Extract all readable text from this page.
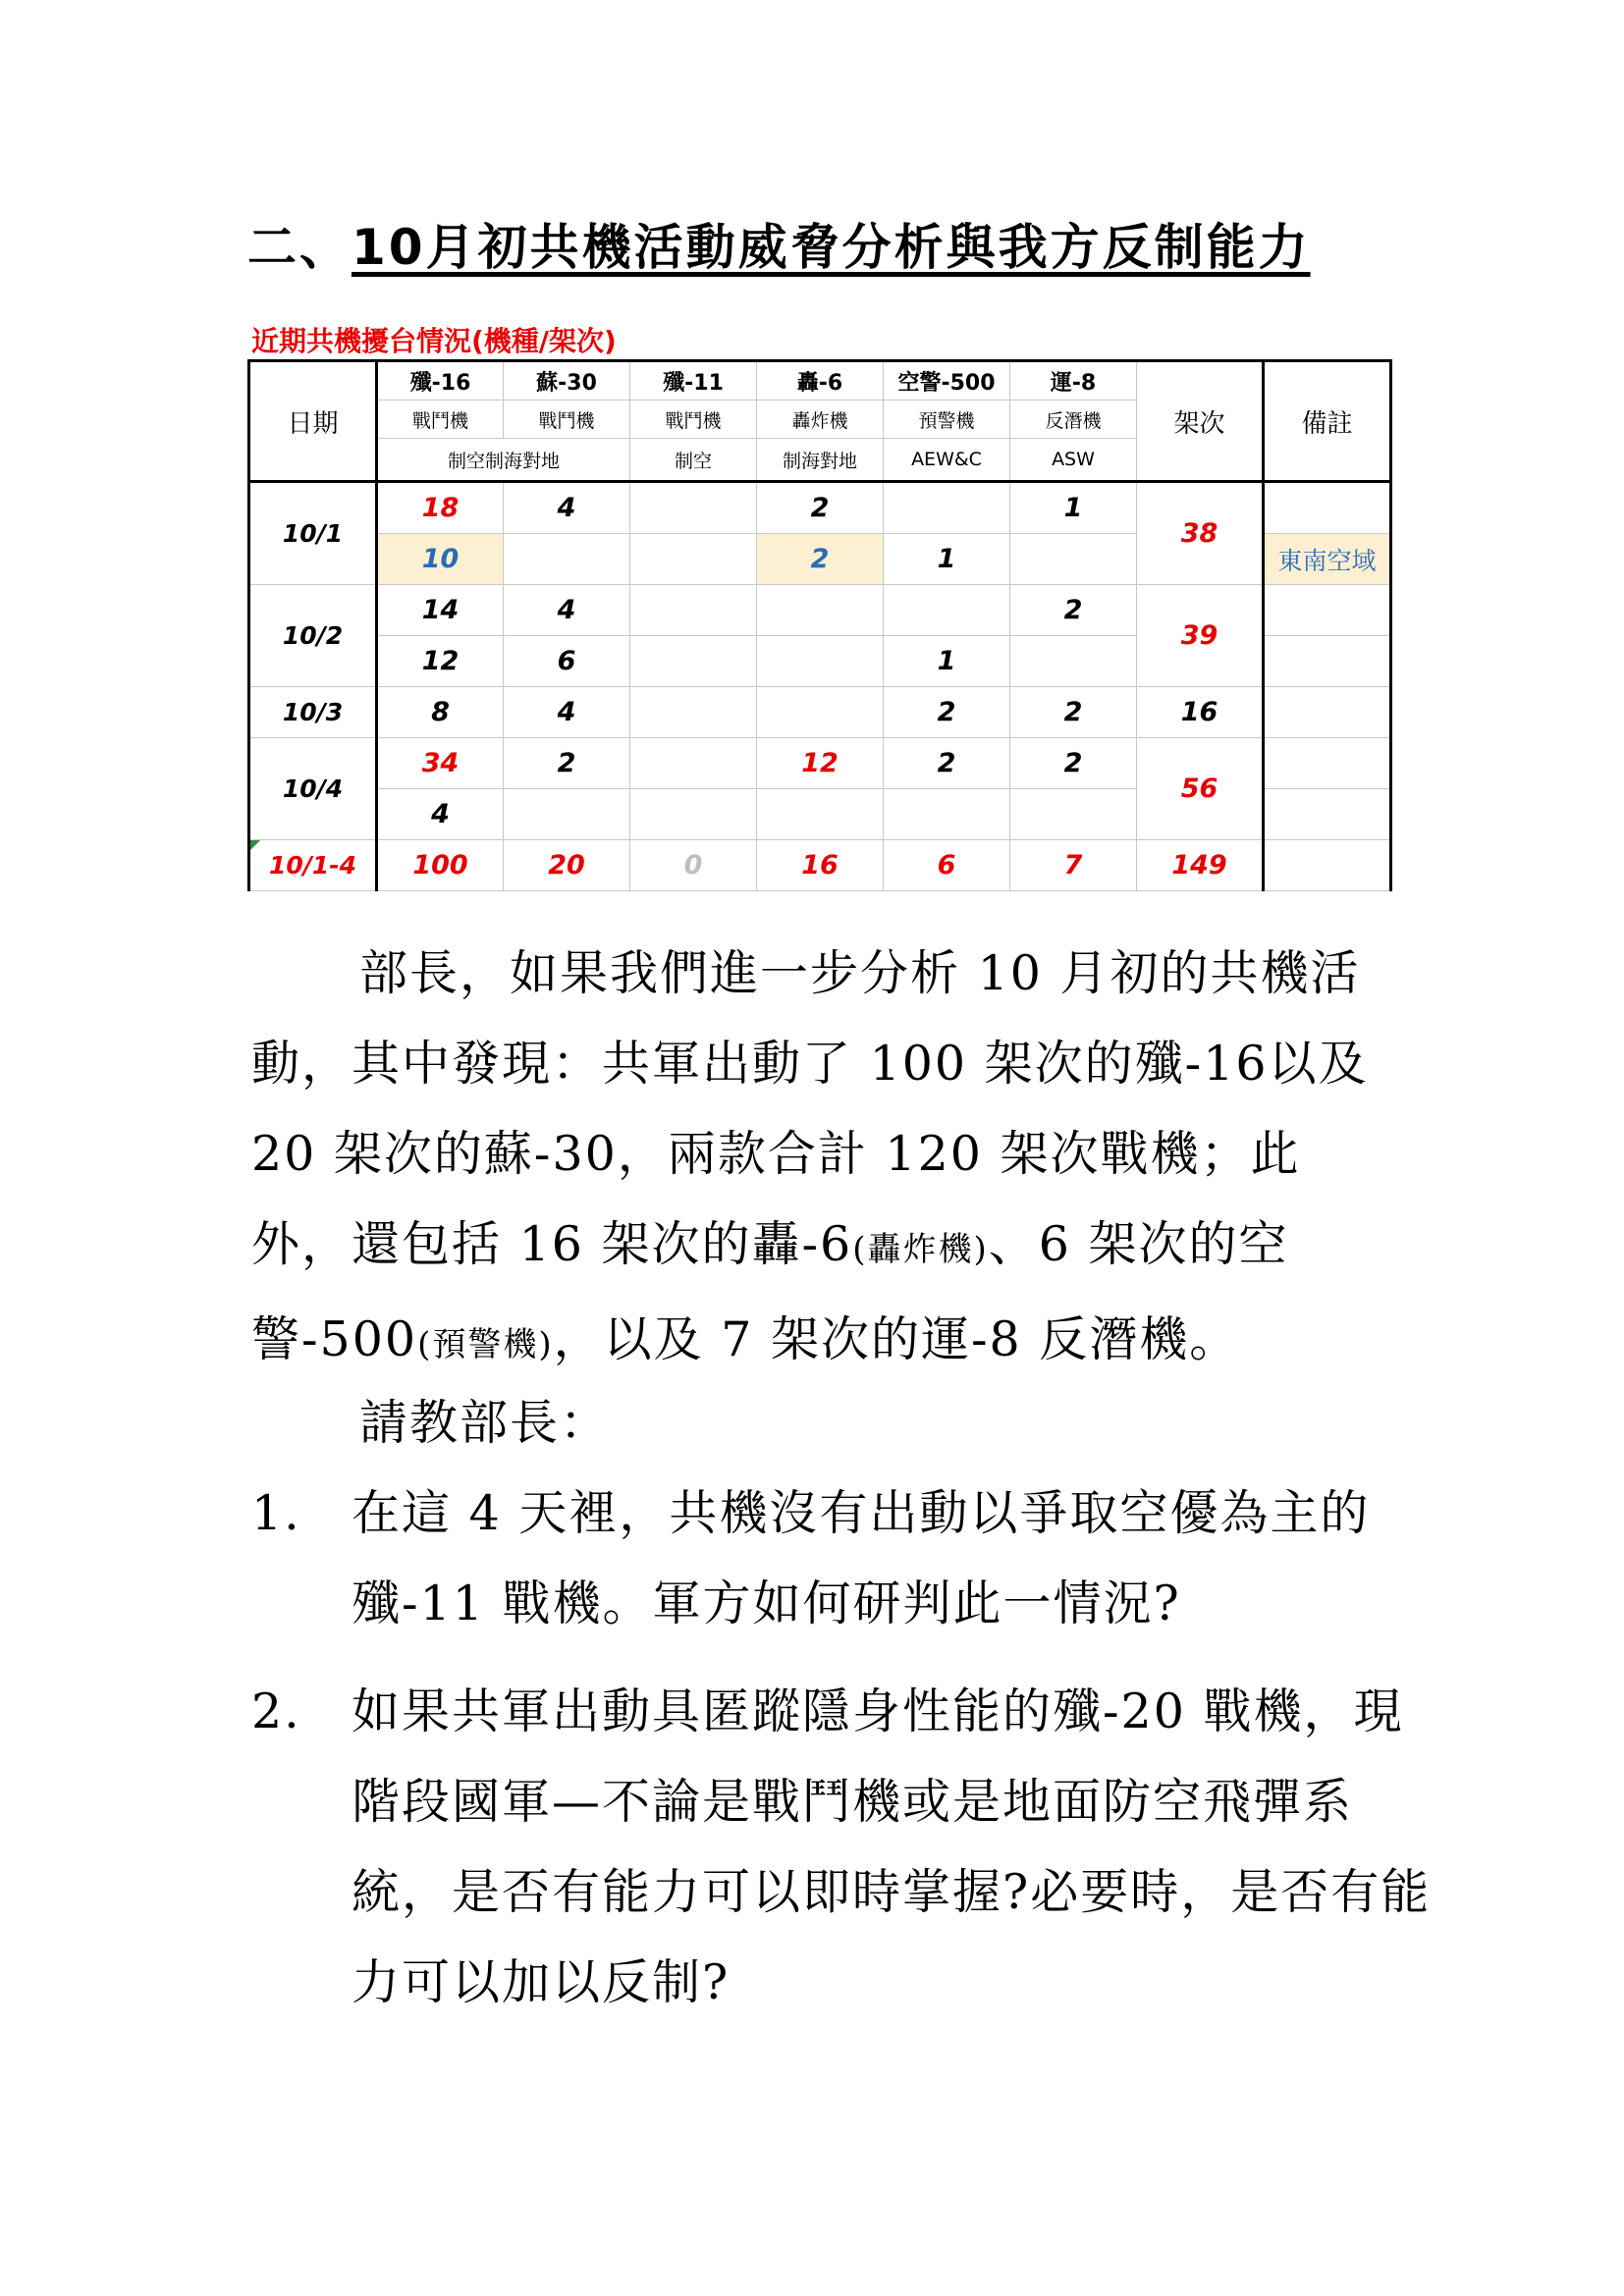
二、10月初共機活動威脅分析與我方反制能力
近期共機擾台情況(機種/架次)
日期	殲-16	蘇-30	殲-11	轟-6	空警-500	運-8	架次	備註
	戰鬥機	戰鬥機	戰鬥機	轟炸機	預警機	反潛機		
	制空制海對地		制空	制海對地	AEW&C	ASW		
10/1	18	4		2		1	38	
	10			2	1			東南空域
10/2	14	4				2	39	
	12	6			1			
10/3	8	4			2	2	16	
10/4	34	2		12	2	2	56	
	4							

10/1-4	100	20	0	16	6	7	149	
部長，如果我們進一步分析 10 月初的共機活動，其中發現：共軍出動了 100 架次的殲-16以及 20 架次的蘇-30，兩款合計 120 架次戰機；此外，還包括 16 架次的轟-6(轟炸機)、6 架次的空警-500(預警機)，以及 7 架次的運-8 反潛機。
請教部長：
1. 在這 4 天裡，共機沒有出動以爭取空優為主的殲-11 戰機。軍方如何研判此一情況?
2. 如果共軍出動具匿蹤隱身性能的殲-20 戰機，現階段國軍—不論是戰鬥機或是地面防空飛彈系統，是否有能力可以即時掌握?必要時，是否有能力可以加以反制?
